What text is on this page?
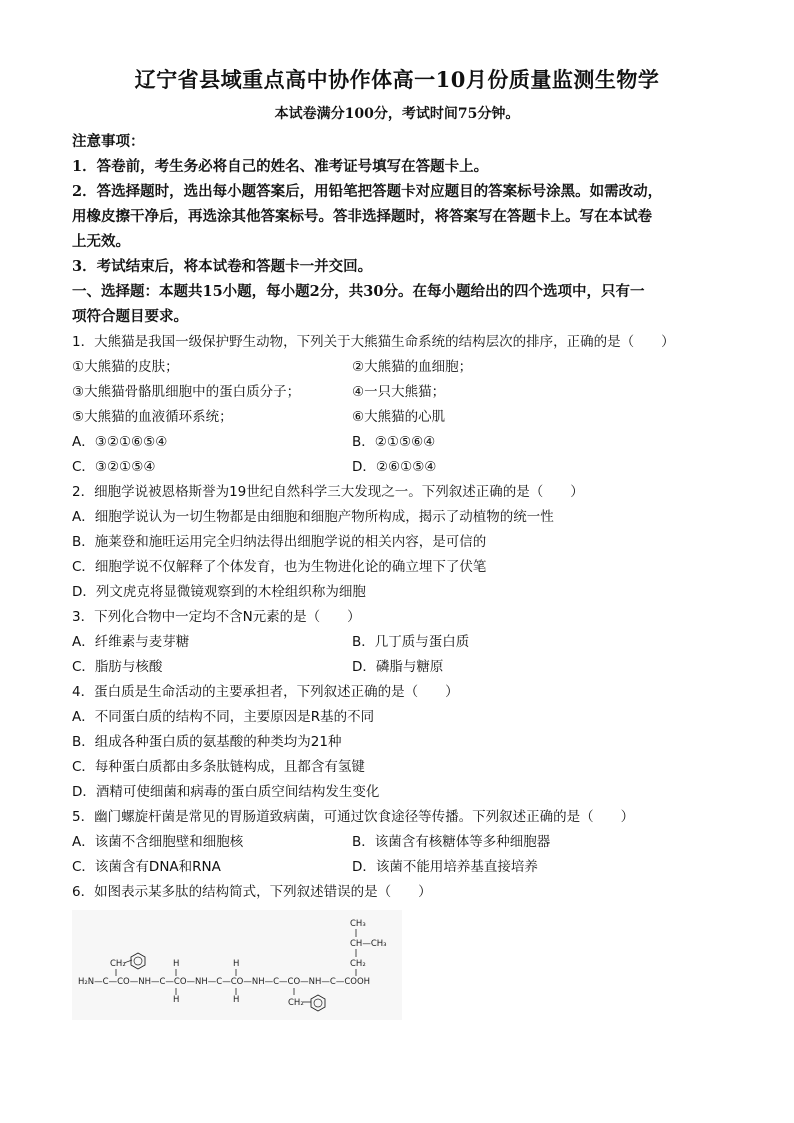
辽宁省县域重点高中协作体高一10月份质量监测生物学
本试卷满分100分，考试时间75分钟。
注意事项：
1．答卷前，考生务必将自己的姓名、准考证号填写在答题卡上。
2．答选择题时，选出每小题答案后，用铅笔把答题卡对应题目的答案标号涂黑。如需改动，
用橡皮擦干净后，再选涂其他答案标号。答非选择题时，将答案写在答题卡上。写在本试卷
上无效。
3．考试结束后，将本试卷和答题卡一并交回。
一、选择题：本题共15小题，每小题2分，共30分。在每小题给出的四个选项中，只有一
项符合题目要求。
1．大熊猫是我国一级保护野生动物，下列关于大熊猫生命系统的结构层次的排序，正确的是（　　）
①大熊猫的皮肤；	②大熊猫的血细胞；
③大熊猫骨骼肌细胞中的蛋白质分子；	④一只大熊猫；
⑤大熊猫的血液循环系统；	⑥大熊猫的心肌
A．③②①⑥⑤④	B．②①⑤⑥④
C．③②①⑤④	D．②⑥①⑤④
2．细胞学说被恩格斯誉为19世纪自然科学三大发现之一。下列叙述正确的是（　　）
A．细胞学说认为一切生物都是由细胞和细胞产物所构成，揭示了动植物的统一性
B．施莱登和施旺运用完全归纳法得出细胞学说的相关内容，是可信的
C．细胞学说不仅解释了个体发育，也为生物进化论的确立埋下了伏笔
D．列文虎克将显微镜观察到的木栓组织称为细胞
3．下列化合物中一定均不含N元素的是（　　）
A．纤维素与麦芽糖	B．几丁质与蛋白质
C．脂肪与核酸	D．磷脂与糖原
4．蛋白质是生命活动的主要承担者，下列叙述正确的是（　　）
A．不同蛋白质的结构不同，主要原因是R基的不同
B．组成各种蛋白质的氨基酸的种类均为21种
C．每种蛋白质都由多条肽链构成，且都含有氢键
D．酒精可使细菌和病毒的蛋白质空间结构发生变化
5．幽门螺旋杆菌是常见的胃肠道致病菌，可通过饮食途径等传播。下列叙述正确的是（　　）
A．该菌不含细胞壁和细胞核	B．该菌含有核糖体等多种细胞器
C．该菌含有DNA和RNA	D．该菌不能用培养基直接培养
6．如图表示某多肽的结构简式，下列叙述错误的是（　　）
H₂N—C—CO—NH—C—CO—NH—C—CO—NH—C—CO—NH—C—COOH
CH₃
CH—CH₃
CH₂
CH₂	H
H
H
H	CH₂
